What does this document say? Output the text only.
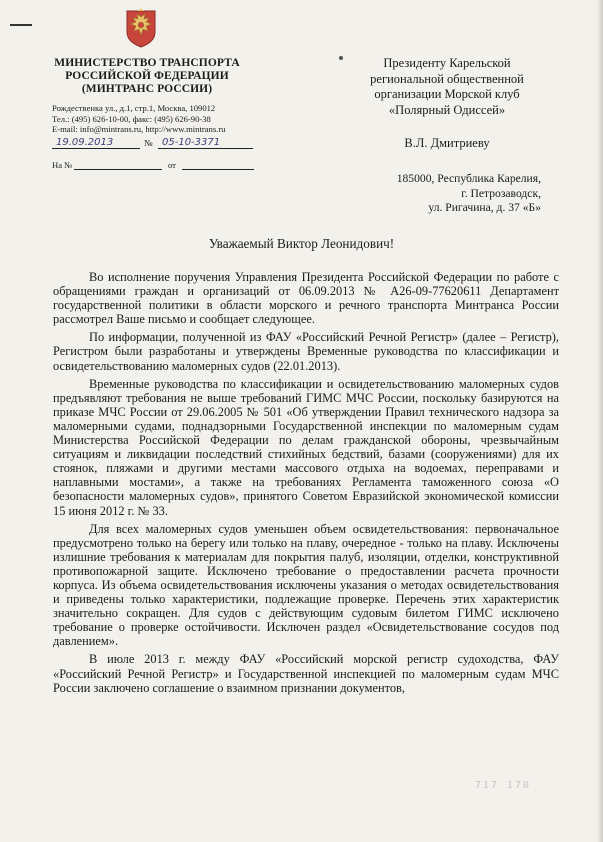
МИНИСТЕРСТВО ТРАНСПОРТА
РОССИЙСКОЙ ФЕДЕРАЦИИ
(МИНТРАНС РОССИИ)
Рождественка ул., д.1, стр.1, Москва, 109012
Тел.: (495) 626-10-00, факс: (495) 626-90-38
E-mail: info@mintrans.ru, http://www.mintrans.ru
19.09.2013	№ 05-10-3371
На №	от
Президенту Карельской
региональной общественной
организации Морской клуб
«Полярный Одиссей»
В.Л. Дмитриеву
185000, Республика Карелия,
г. Петрозаводск,
ул. Ригачина, д. 37 «Б»
Уважаемый Виктор Леонидович!

Во исполнение поручения Управления Президента Российской Федерации по работе с обращениями граждан и организаций от 06.09.2013 № А26-09-77620611 Департамент государственной политики в области морского и речного транспорта Минтранса России рассмотрел Ваше письмо и сообщает следующее.

По информации, полученной из ФАУ «Российский Речной Регистр» (далее – Регистр), Регистром были разработаны и утверждены Временные руководства по классификации и освидетельствованию маломерных судов (22.01.2013).

Временные руководства по классификации и освидетельствованию маломерных судов предъявляют требования не выше требований ГИМС МЧС России, поскольку базируются на приказе МЧС России от 29.06.2005 № 501 «Об утверждении Правил технического надзора за маломерными судами, поднадзорными Государственной инспекции по маломерным судам Министерства Российской Федерации по делам гражданской обороны, чрезвычайным ситуациям и ликвидации последствий стихийных бедствий, базами (сооружениями) для их стоянок, пляжами и другими местами массового отдыха на водоемах, переправами и наплавными мостами», а также на требованиях Регламента таможенного союза «О безопасности маломерных судов», принятого Советом Евразийской экономической комиссии 15 июня 2012 г. № 33.

Для всех маломерных судов уменьшен объем освидетельствования: первоначальное предусмотрено только на берегу или только на плаву, очередное - только на плаву. Исключены излишние требования к материалам для покрытия палуб, изоляции, отделки, конструктивной противопожарной защите. Исключено требование о предоставлении расчета прочности корпуса. Из объема освидетельствования исключены указания о методах освидетельствования и приведены только характеристики, подлежащие проверке. Перечень этих характеристик значительно сокращен. Для судов с действующим судовым билетом ГИМС исключено требование о проверке остойчивости. Исключен раздел «Освидетельствование сосудов под давлением».

В июле 2013 г. между ФАУ «Российский морской регистр судоходства, ФАУ «Российский Речной Регистр» и Государственной инспекцией по маломерным судам МЧС России заключено соглашение о взаимном признании документов,

717 170
